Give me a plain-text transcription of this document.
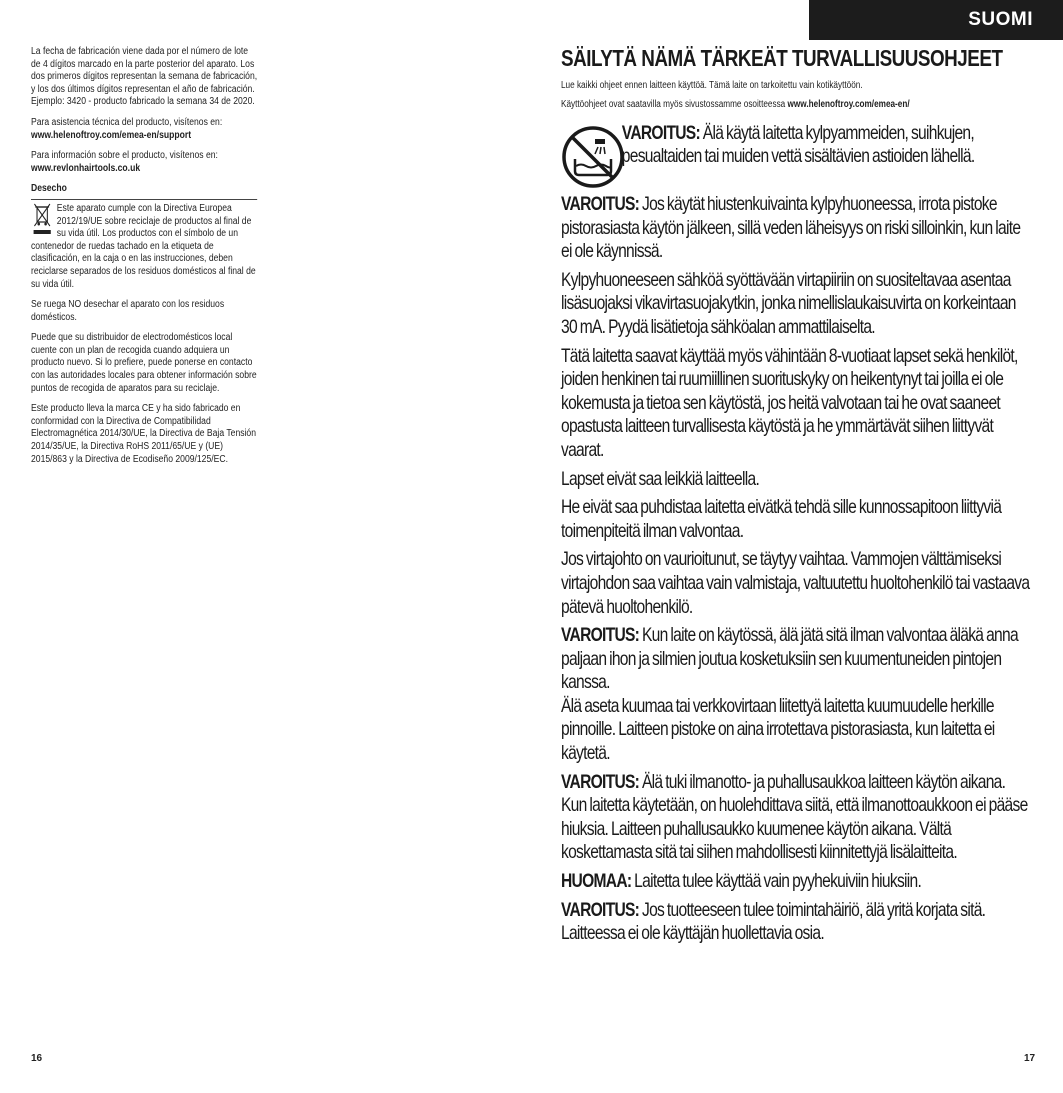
La fecha de fabricación viene dada por el número de lote de 4 dígitos marcado en la parte posterior del aparato. Los dos primeros dígitos representan la semana de fabricación, y los dos últimos dígitos representan el año de fabricación. Ejemplo: 3420 - producto fabricado la semana 34 de 2020.

Para asistencia técnica del producto, visítenos en:
www.helenoftroy.com/emea-en/support

Para información sobre el producto, visítenos en:
www.revlonhairtools.co.uk

Desecho

Este aparato cumple con la Directiva Europea 2012/19/UE sobre reciclaje de productos al final de su vida útil. Los productos con el símbolo de un contenedor de ruedas tachado en la etiqueta de clasificación, en la caja o en las instrucciones, deben reciclarse separados de los residuos domésticos al final de su vida útil.

Se ruega NO desechar el aparato con los residuos domésticos.

Puede que su distribuidor de electrodomésticos local cuente con un plan de recogida cuando adquiera un producto nuevo. Si lo prefiere, puede ponerse en contacto con las autoridades locales para obtener información sobre puntos de recogida de aparatos para su reciclaje.

Este producto lleva la marca CE y ha sido fabricado en conformidad con la Directiva de Compatibilidad Electromagnética 2014/30/UE, la Directiva de Baja Tensión 2014/35/UE, la Directiva RoHS 2011/65/UE y (UE) 2015/863 y la Directiva de Ecodiseño 2009/125/EC.

16
SUOMI
SÄILYTÄ NÄMÄ TÄRKEÄT TURVALLISUUSOHJEET

Lue kaikki ohjeet ennen laitteen käyttöä. Tämä laite on tarkoitettu vain kotikäyttöön.

Käyttöohjeet ovat saatavilla myös sivustossamme osoitteessa www.helenoftroy.com/emea-en/

VAROITUS: Älä käytä laitetta kylpyammeiden, suihkujen, pesualtaiden tai muiden vettä sisältävien astioiden lähellä.

VAROITUS: Jos käytät hiustenkuivainta kylpyhuoneessa, irrota pistoke pistorasiasta käytön jälkeen, sillä veden läheisyys on riski silloinkin, kun laite ei ole käynnissä.

Kylpyhuoneeseen sähköä syöttävään virtapiiriin on suositeltavaa asentaa lisäsuojaksi vikavirtasuojakytkin, jonka nimellislaukaisuvirta on korkeintaan 30 mA. Pyydä lisätietoja sähköalan ammattilaiselta.

Tätä laitetta saavat käyttää myös vähintään 8-vuotiaat lapset sekä henkilöt, joiden henkinen tai ruumiillinen suorituskyky on heikentynyt tai joilla ei ole kokemusta ja tietoa sen käytöstä, jos heitä valvotaan tai he ovat saaneet opastusta laitteen turvallisesta käytöstä ja he ymmärtävät siihen liittyvät vaarat.

Lapset eivät saa leikkiä laitteella.

He eivät saa puhdistaa laitetta eivätkä tehdä sille kunnossapitoon liittyviä toimenpiteitä ilman valvontaa.

Jos virtajohto on vaurioitunut, se täytyy vaihtaa. Vammojen välttämiseksi virtajohdon saa vaihtaa vain valmistaja, valtuutettu huoltohenkilö tai vastaava pätevä huoltohenkilö.

VAROITUS: Kun laite on käytössä, älä jätä sitä ilman valvontaa äläkä anna paljaan ihon ja silmien joutua kosketuksiin sen kuumentuneiden pintojen kanssa.
Älä aseta kuumaa tai verkkovirtaan liitettyä laitetta kuumuudelle herkille pinnoille. Laitteen pistoke on aina irrotettava pistorasiasta, kun laitetta ei käytetä.

VAROITUS: Älä tuki ilmanotto- ja puhallusaukkoa laitteen käytön aikana. Kun laitetta käytetään, on huolehdittava siitä, että ilmanottoaukkoon ei pääse hiuksia. Laitteen puhallusaukko kuumenee käytön aikana. Vältä koskettamasta sitä tai siihen mahdollisesti kiinnitettyjä lisälaitteita.

HUOMAA: Laitetta tulee käyttää vain pyyhekuiviin hiuksiin.

VAROITUS: Jos tuotteeseen tulee toimintahäiriö, älä yritä korjata sitä. Laitteessa ei ole käyttäjän huollettavia osia.

17
